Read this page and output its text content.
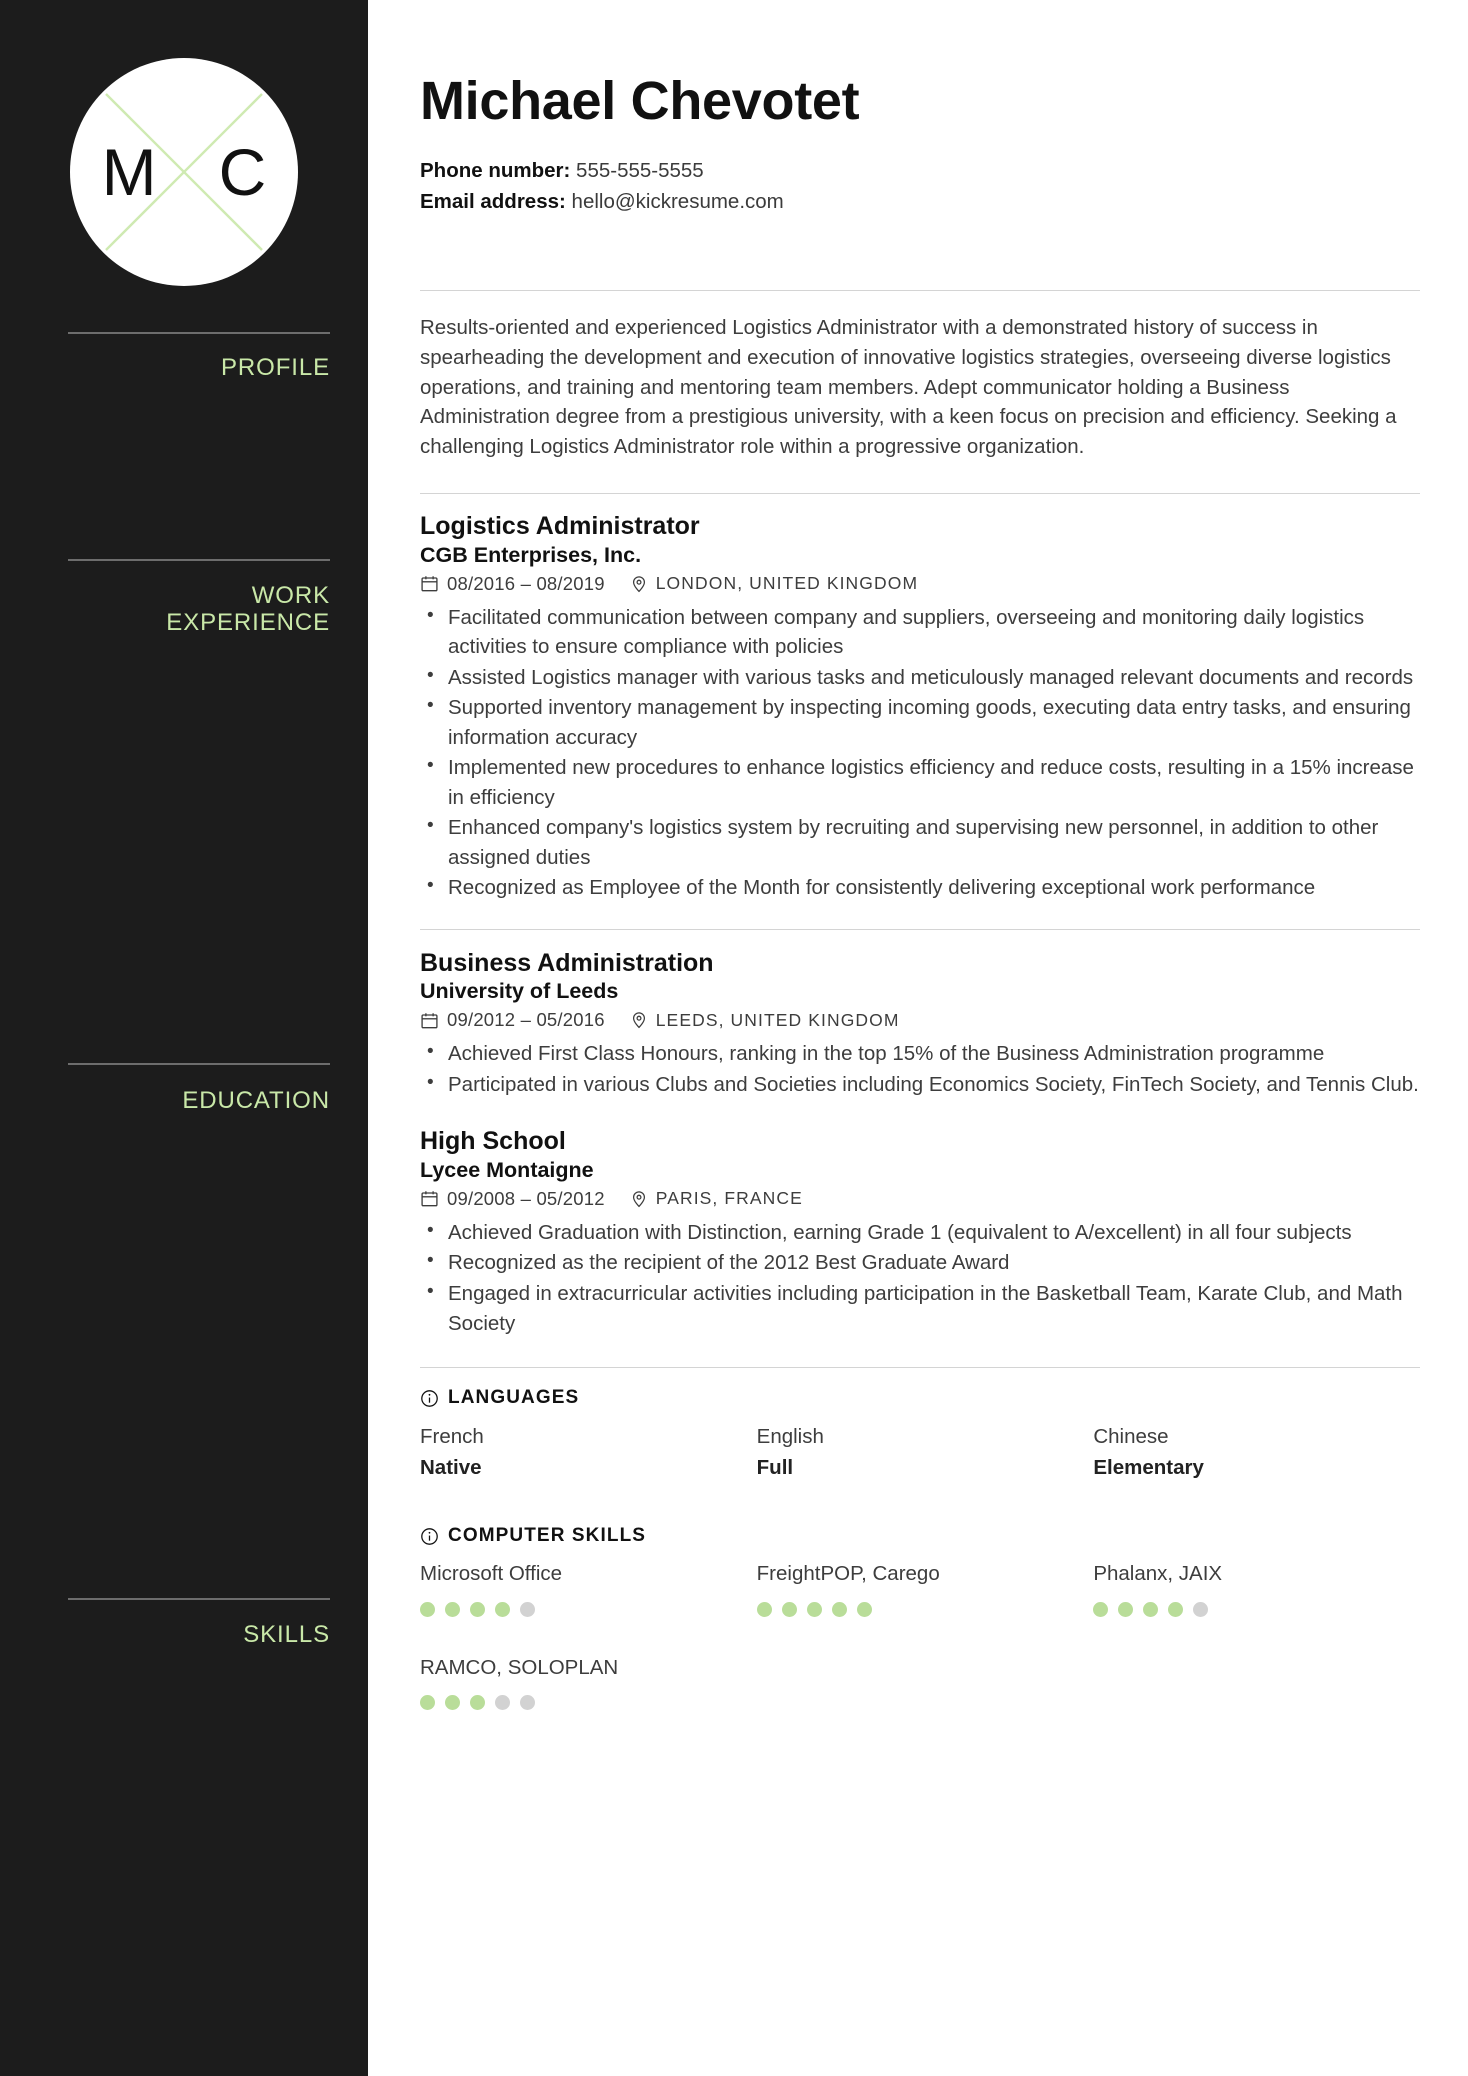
M C
PROFILE
WORK
EXPERIENCE
EDUCATION
SKILLS
Michael Chevotet
Phone number: 555-555-5555
Email address: hello@kickresume.com

Results-oriented and experienced Logistics Administrator with a demonstrated history of success in spearheading the development and execution of innovative logistics strategies, overseeing diverse logistics operations, and training and mentoring team members. Adept communicator holding a Business Administration degree from a prestigious university, with a keen focus on precision and efficiency. Seeking a challenging Logistics Administrator role within a progressive organization.

Logistics Administrator
CGB Enterprises, Inc.
08/2016 – 08/2019	LONDON, UNITED KINGDOM
• Facilitated communication between company and suppliers, overseeing and monitoring daily logistics activities to ensure compliance with policies
• Assisted Logistics manager with various tasks and meticulously managed relevant documents and records
• Supported inventory management by inspecting incoming goods, executing data entry tasks, and ensuring information accuracy
• Implemented new procedures to enhance logistics efficiency and reduce costs, resulting in a 15% increase in efficiency
• Enhanced company's logistics system by recruiting and supervising new personnel, in addition to other assigned duties
• Recognized as Employee of the Month for consistently delivering exceptional work performance
Business Administration
University of Leeds
09/2012 – 05/2016	LEEDS, UNITED KINGDOM
• Achieved First Class Honours, ranking in the top 15% of the Business Administration programme
• Participated in various Clubs and Societies including Economics Society, FinTech Society, and Tennis Club.
High School
Lycee Montaigne
09/2008 – 05/2012	PARIS, FRANCE
• Achieved Graduation with Distinction, earning Grade 1 (equivalent to A/excellent) in all four subjects
• Recognized as the recipient of the 2012 Best Graduate Award
• Engaged in extracurricular activities including participation in the Basketball Team, Karate Club, and Math Society
LANGUAGES
French
Native
English
Full
Chinese
Elementary
COMPUTER SKILLS
Microsoft Office	FreightPOP, Carego	Phalanx, JAIX
RAMCO, SOLOPLAN
